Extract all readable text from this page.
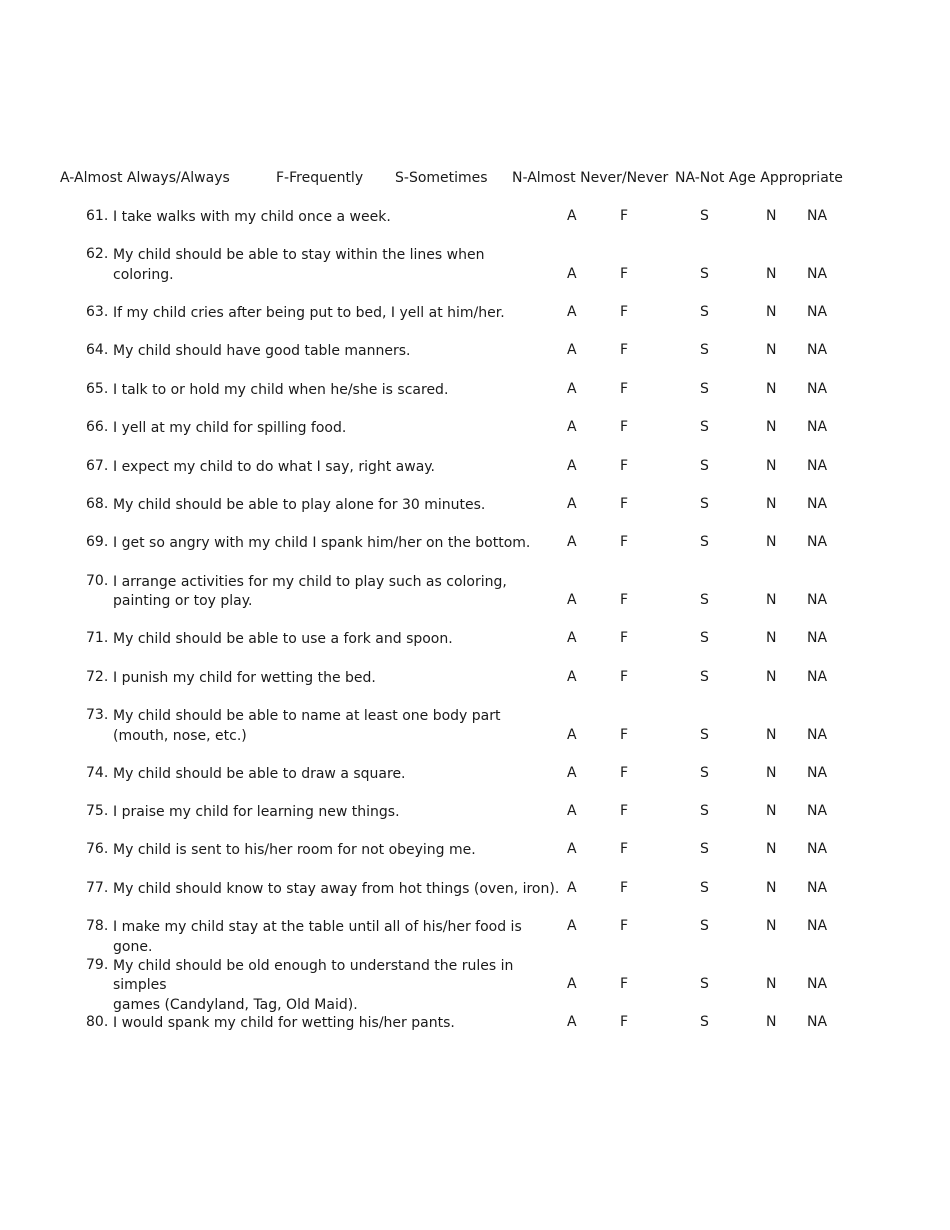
A-Almost Always/Always	F-Frequently S-Sometimes N-Almost Never/Never NA-Not Age Appropriate
61. I take walks with my child once a week.	A	F	S	N NA
62. My child should be able to stay within the lines when
coloring.	A	F	S	N NA
63. If my child cries after being put to bed, I yell at him/her.	A	F	S	N NA
64. My child should have good table manners.	A	F	S	N NA
65. I talk to or hold my child when he/she is scared.	A	F	S	N NA
66. I yell at my child for spilling food.	A	F	S	N NA
67. I expect my child to do what I say, right away.	A	F	S	N NA
68. My child should be able to play alone for 30 minutes.	A	F	S	N NA
69. I get so angry with my child I spank him/her on the bottom.	A	F	S	N NA
70. I arrange activities for my child to play such as coloring,
painting or toy play.	A	F	S	N NA
71. My child should be able to use a fork and spoon.	A	F	S	N NA
72. I punish my child for wetting the bed.	A	F	S	N NA
73. My child should be able to name at least one body part
(mouth, nose, etc.)	A	F	S	N NA
74. My child should be able to draw a square.	A	F	S	N NA
75. I praise my child for learning new things.	A	F	S	N NA
76. My child is sent to his/her room for not obeying me.	A	F	S	N NA
77. My child should know to stay away from hot things (oven, iron). A	F	S	N NA
78. I make my child stay at the table until all of his/her food is gone.
A	F	S	N NA
79. My child should be old enough to understand the rules in simples
games (Candyland, Tag, Old Maid).
A	F	S	N NA
80. I would spank my child for wetting his/her pants.	A	F	S	N NA
